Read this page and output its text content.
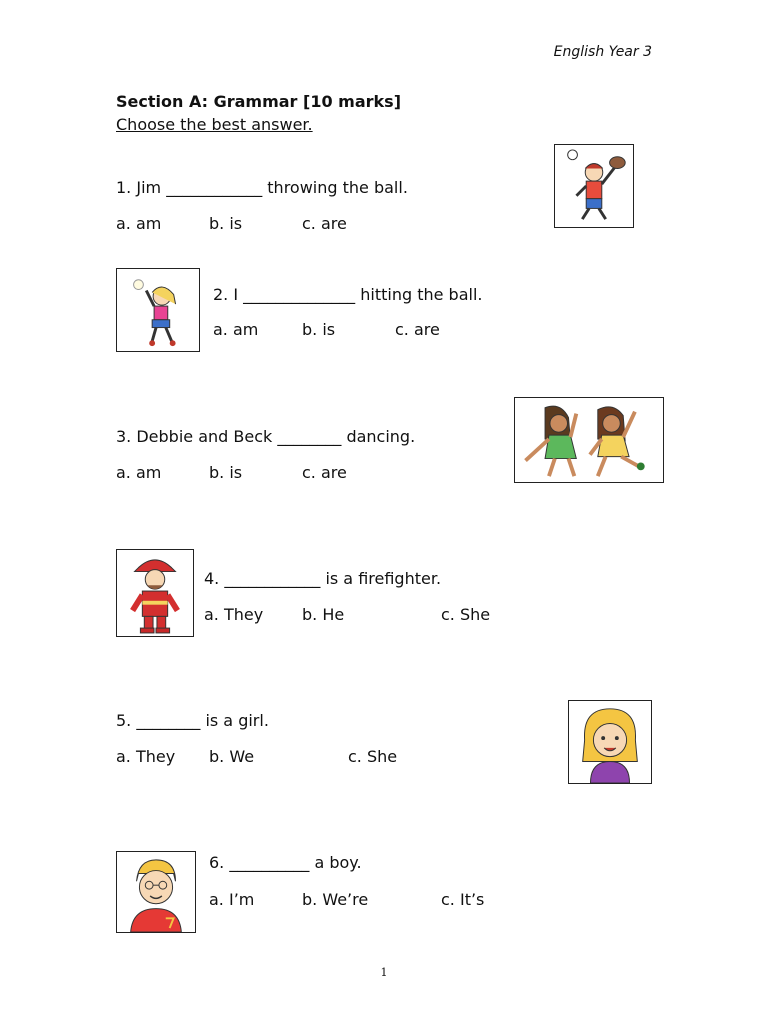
English Year 3
Section A: Grammar [10 marks]
Choose the best answer.
1. Jim ____________ throwing the ball.
a. am	b. is	c. are
2. I ______________ hitting the ball.
a. am	b. is	c. are
3. Debbie and Beck ________ dancing.
a. am	b. is	c. are
4. ____________ is a firefighter.
a. They b. He	c. She
5. ________ is a girl.
a. They b. We	c. She
6. __________ a boy.
a. I’m	b. We’re	c. It’s
1
